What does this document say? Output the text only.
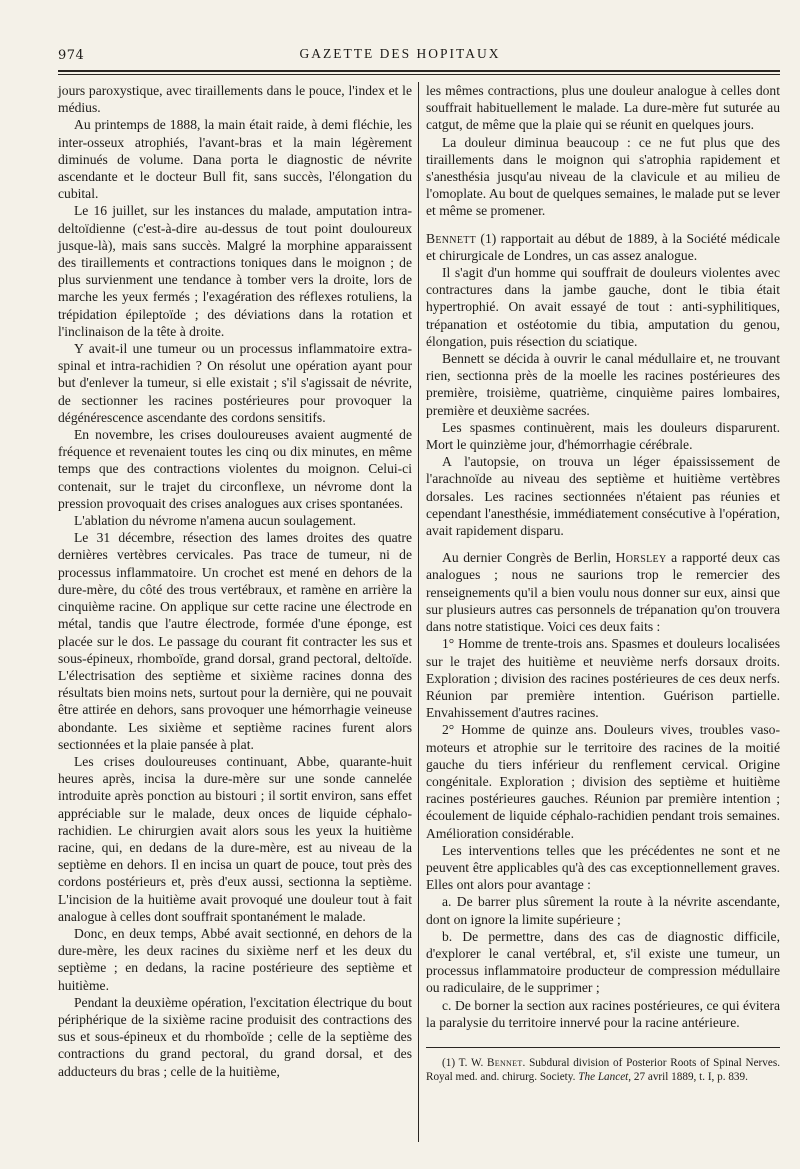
974	GAZETTE DES HOPITAUX

jours paroxystique, avec tiraillements dans le pouce, l'index et le médius.

Au printemps de 1888, la main était raide, à demi fléchie, les inter-osseux atrophiés, l'avant-bras et la main légèrement diminués de volume. Dana porta le diagnostic de névrite ascendante et le docteur Bull fit, sans succès, l'élongation du cubital.

Le 16 juillet, sur les instances du malade, amputation intra-deltoïdienne (c'est-à-dire au-dessus de tout point douloureux jusque-là), mais sans succès. Malgré la morphine apparaissent des tiraillements et contractions toniques dans le moignon ; de plus survienment une tendance à tomber vers la droite, lors de marche les yeux fermés ; l'exagération des réflexes rotuliens, la trépidation épileptoïde ; des déviations dans la rotation et l'inclinaison de la tête à droite.

Y avait-il une tumeur ou un processus inflammatoire extra-spinal et intra-rachidien ? On résolut une opération ayant pour but d'enlever la tumeur, si elle existait ; s'il s'agissait de névrite, de sectionner les racines postérieures pour provoquer la dégénérescence ascendante des cordons sensitifs.

En novembre, les crises douloureuses avaient augmenté de fréquence et revenaient toutes les cinq ou dix minutes, en même temps que des contractions violentes du moignon. Celui-ci contenait, sur le trajet du circonflexe, un névrome dont la pression provoquait des crises analogues aux crises spontanées.

L'ablation du névrome n'amena aucun soulagement.

Le 31 décembre, résection des lames droites des quatre dernières vertèbres cervicales. Pas trace de tumeur, ni de processus inflammatoire. Un crochet est mené en dehors de la dure-mère, du côté des trous vertébraux, et ramène en arrière la cinquième racine. On applique sur cette racine une électrode en métal, tandis que l'autre électrode, formée d'une éponge, est placée sur le dos. Le passage du courant fit contracter les sus et sous-épineux, rhomboïde, grand dorsal, grand pectoral, deltoïde. L'électrisation des septième et sixième racines donna des résultats bien moins nets, surtout pour la dernière, qui ne pouvait être attirée en dehors, sans provoquer une hémorrhagie veineuse abondante. Les sixième et septième racines furent alors sectionnées et la plaie pansée à plat.

Les crises douloureuses continuant, Abbe, quarante-huit heures après, incisa la dure-mère sur une sonde cannelée introduite après ponction au bistouri ; il sortit environ, sans effet appréciable sur le malade, deux onces de liquide céphalo-rachidien. Le chirurgien avait alors sous les yeux la huitième racine, qui, en dedans de la dure-mère, est au niveau de la septième en dehors. Il en incisa un quart de pouce, tout près des cordons postérieurs et, près d'eux aussi, sectionna la septième. L'incision de la huitième avait provoqué une douleur tout à fait analogue à celles dont souffrait spontanément le malade.

Donc, en deux temps, Abbé avait sectionné, en dehors de la dure-mère, les deux racines du sixième nerf et les deux du septième ; en dedans, la racine postérieure des septième et huitième.

Pendant la deuxième opération, l'excitation électrique du bout périphérique de la sixième racine produisit des contractions des sus et sous-épineux et du rhomboïde ; celle de la septième des contractions du grand pectoral, du grand dorsal, et des adducteurs du bras ; celle de la huitième,

les mêmes contractions, plus une douleur analogue à celles dont souffrait habituellement le malade. La dure-mère fut suturée au catgut, de même que la plaie qui se réunit en quelques jours.

La douleur diminua beaucoup : ce ne fut plus que des tiraillements dans le moignon qui s'atrophia rapidement et s'anesthésia jusqu'au niveau de la clavicule et au milieu de l'omoplate. Au bout de quelques semaines, le malade put se lever et même se promener.

Bennett (1) rapportait au début de 1889, à la Société médicale et chirurgicale de Londres, un cas assez analogue.

Il s'agit d'un homme qui souffrait de douleurs violentes avec contractures dans la jambe gauche, dont le tibia était hypertrophié. On avait essayé de tout : anti-syphilitiques, trépanation et ostéotomie du tibia, amputation du genou, élongation, puis résection du sciatique.

Bennett se décida à ouvrir le canal médullaire et, ne trouvant rien, sectionna près de la moelle les racines postérieures des première, troisième, quatrième, cinquième paires lombaires, première et deuxième sacrées.

Les spasmes continuèrent, mais les douleurs disparurent. Mort le quinzième jour, d'hémorrhagie cérébrale.

A l'autopsie, on trouva un léger épaississement de l'arachnoïde au niveau des septième et huitième vertèbres dorsales. Les racines sectionnées n'étaient pas réunies et cependant l'anesthésie, immédiatement consécutive à l'opération, avait rapidement disparu.

Au dernier Congrès de Berlin, Horsley a rapporté deux cas analogues ; nous ne saurions trop le remercier des renseignements qu'il a bien voulu nous donner sur eux, ainsi que sur plusieurs autres cas personnels de trépanation qu'on trouvera dans notre statistique. Voici ces deux faits :

1° Homme de trente-trois ans. Spasmes et douleurs localisées sur le trajet des huitième et neuvième nerfs dorsaux droits. Exploration ; division des racines postérieures de ces deux nerfs. Réunion par première intention. Guérison partielle. Envahissement d'autres racines.

2° Homme de quinze ans. Douleurs vives, troubles vaso-moteurs et atrophie sur le territoire des racines de la moitié gauche du tiers inférieur du renflement cervical. Origine congénitale. Exploration ; division des septième et huitième racines postérieures gauches. Réunion par première intention ; écoulement de liquide céphalo-rachidien pendant trois semaines. Amélioration considérable.

Les interventions telles que les précédentes ne sont et ne peuvent être applicables qu'à des cas exceptionnellement graves. Elles ont alors pour avantage :

a. De barrer plus sûrement la route à la névrite ascendante, dont on ignore la limite supérieure ;

b. De permettre, dans des cas de diagnostic difficile, d'explorer le canal vertébral, et, s'il existe une tumeur, un processus inflammatoire producteur de compression médullaire ou radiculaire, de le supprimer ;

c. De borner la section aux racines postérieures, ce qui évitera la paralysie du territoire innervé pour la racine antérieure.

(1) T. W. Bennet. Subdural division of Posterior Roots of Spinal Nerves. Royal med. and. chirurg. Society. The Lancet, 27 avril 1889, t. I, p. 839.
